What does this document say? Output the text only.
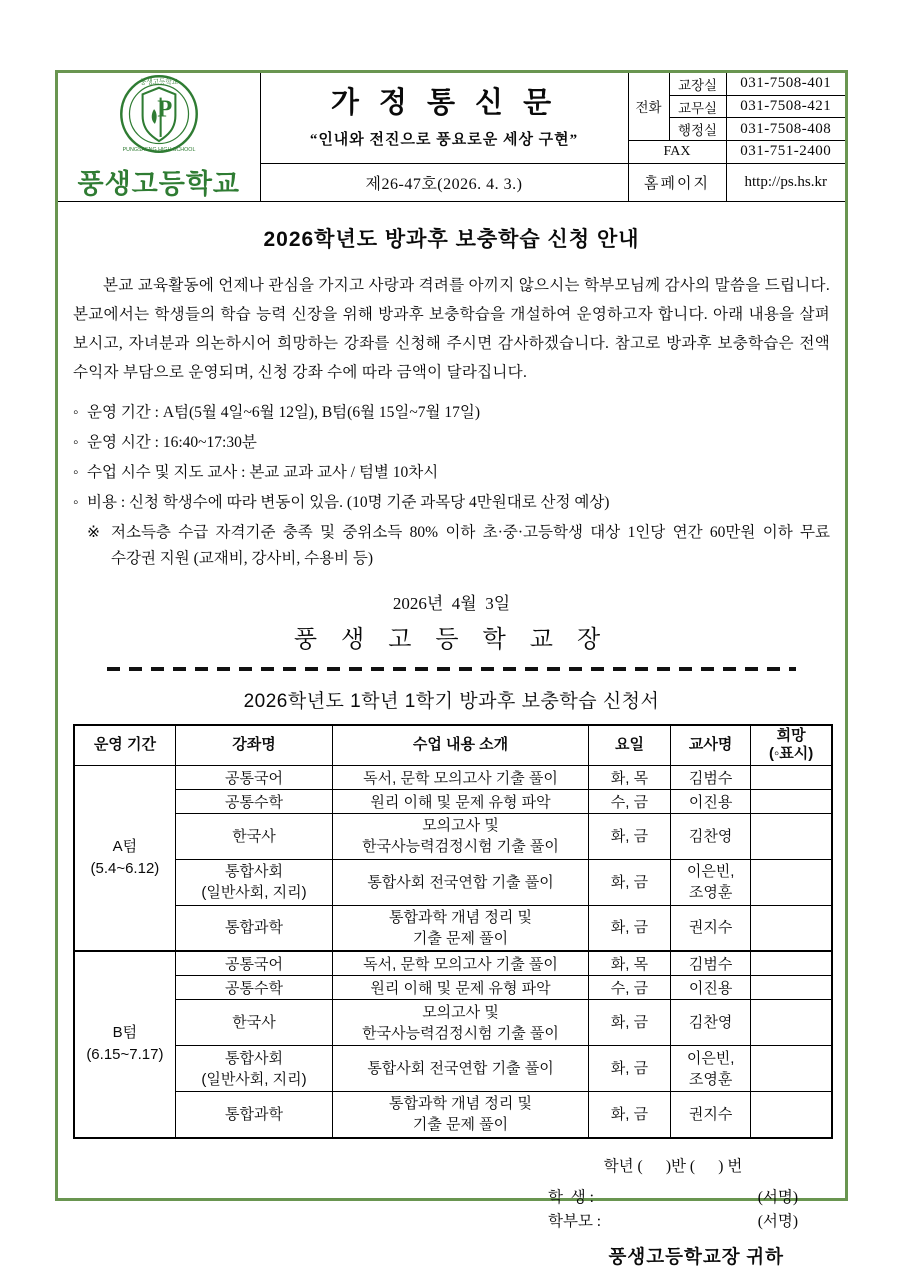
P
풍생고등학교
PUNGSAENG HIGH SCHOOL
풍생고등학교

가 정 통 신 문
“인내와 전진으로 풍요로운 세상 구현”
	전화	교장실	031-7508-401
			교무실	031-7508-421
			행정실	031-7508-408
		FAX		031-751-2400
	제26-47호(2026. 4. 3.)	홈페이지		http://ps.hs.kr
2026학년도 방과후 보충학습 신청 안내
본교 교육활동에 언제나 관심을 가지고 사랑과 격려를 아끼지 않으시는 학부모님께 감사의 말씀을 드립니다. 본교에서는 학생들의 학습 능력 신장을 위해 방과후 보충학습을 개설하여 운영하고자 합니다. 아래 내용을 살펴 보시고, 자녀분과 의논하시어 희망하는 강좌를 신청해 주시면 감사하겠습니다. 참고로 방과후 보충학습은 전액 수익자 부담으로 운영되며, 신청 강좌 수에 따라 금액이 달라집니다.
◦ 운영 기간 : A텀(5월 4일~6월 12일), B텀(6월 15일~7월 17일)
◦ 운영 시간 : 16:40~17:30분
◦ 수업 시수 및 지도 교사 : 본교 교과 교사 / 텀별 10차시
◦ 비용 : 신청 학생수에 따라 변동이 있음. (10명 기준 과목당 4만원대로 산정 예상)
※ 저소득층 수급 자격기준 충족 및 중위소득 80% 이하 초·중·고등학생 대상 1인당 연간 60만원 이하 무료 수강권 지원 (교재비, 강사비, 수용비 등)
2026년  4월  3일
풍 생 고 등 학 교 장
2026학년도 1학년 1학기 방과후 보충학습 신청서
운영 기간	강좌명	수업 내용 소개	요일	교사명	희망
(◦표시)

A텀
(5.4~6.12)	공통국어	독서, 문학 모의고사 기출 풀이	화, 목	김범수	
	공통수학	원리 이해 및 문제 유형 파악	수, 금	이진용	
	한국사	모의고사 및
한국사능력검정시험 기출 풀이	화, 금	김찬영	

	통합사회
(일반사회, 지리)	통합사회 전국연합 기출 풀이	화, 금	이은빈,
조영훈	

	통합과학	통합과학 개념 정리 및
기출 문제 풀이	화, 금	권지수	

B텀
(6.15~7.17)	공통국어	독서, 문학 모의고사 기출 풀이	화, 목	김범수	
	공통수학	원리 이해 및 문제 유형 파악	수, 금	이진용	
	한국사	모의고사 및
한국사능력검정시험 기출 풀이	화, 금	김찬영	

	통합사회
(일반사회, 지리)	통합사회 전국연합 기출 풀이	화, 금	이은빈,
조영훈	

	통합과학	통합과학 개념 정리 및
기출 문제 풀이	화, 금	권지수	
학년 (      )반 (      ) 번
학  생 :	(서명)
학부모 :	(서명)
풍생고등학교장 귀하
